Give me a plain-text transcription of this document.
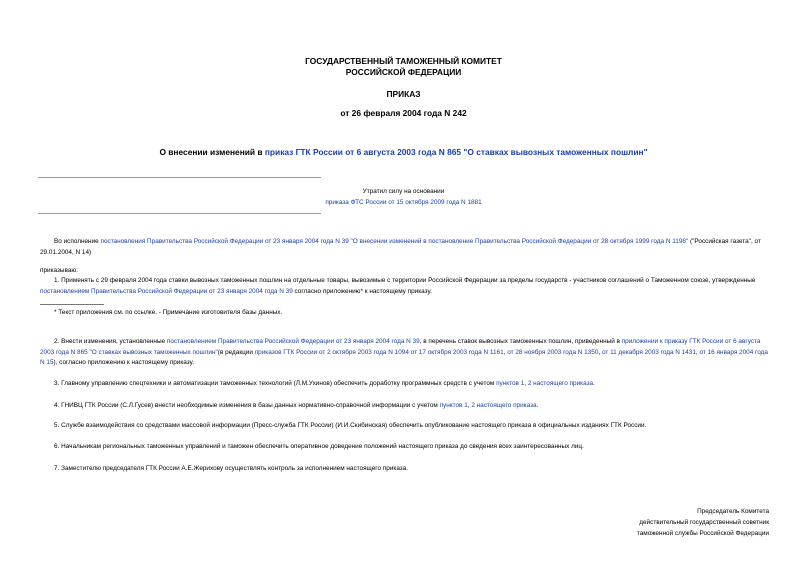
ГОСУДАРСТВЕННЫЙ ТАМОЖЕННЫЙ КОМИТЕТ
РОССИЙСКОЙ ФЕДЕРАЦИИ
ПРИКАЗ
от 26 февраля 2004 года N 242
О внесении изменений в приказ ГТК России от 6 августа 2003 года N 865 "О ставках вывозных таможенных пошлин"
Утратил силу на основании
приказа ФТС России от 15 октября 2009 года N 1881
Во исполнение постановления Правительства Российской Федерации от 23 января 2004 года N 39 "О внесении изменений в постановление Правительства Российской Федерации от 28 октября 1999 года N 1198" ("Российская газета", от 29.01.2004, N 14)
приказываю:
1. Применять с 29 февраля 2004 года ставки вывозных таможенных пошлин на отдельные товары, вывозимые с территории Российской Федерации за пределы государств - участников соглашений о Таможенном союзе, утвержденные постановлением Правительства Российской Федерации от 23 января 2004 года N 39 согласно приложению* к настоящему приказу.
* Текст приложения см. по ссылке. - Примечание изготовителя базы данных.
2. Внести изменения, установленные постановлением Правительства Российской Федерации от 23 января 2004 года N 39, в перечень ставок вывозных таможенных пошлин, приведенный в приложении к приказу ГТК России от 6 августа 2003 года N 865 "О ставках вывозных таможенных пошлин"(в редакции приказов ГТК России от 2 октября 2003 года N 1094 от 17 октября 2003 года N 1161, от 28 ноября 2003 года N 1350, от 11 декабря 2003 года N 1431, от 16 января 2004 года N 15), согласно приложению к настоящему приказу.
3. Главному управлению спецтехники и автоматизации таможенных технологий (Л.М.Ухинов) обеспечить доработку программных средств с учетом пунктов 1, 2 настоящего приказа.
4. ГНИВЦ ГТК России (С.Л.Гусев) внести необходимые изменения в базы данных нормативно-справочной информации с учетом пунктов 1, 2 настоящего приказа.
5. Службе взаимодействия со средствами массовой информации (Пресс-служба ГТК России) (И.И.Скибинская) обеспечить опубликование настоящего приказа в официальных изданиях ГТК России.
6. Начальникам региональных таможенных управлений и таможен обеспечить оперативное доведение положений настоящего приказа до сведения всех заинтересованных лиц.
7. Заместителю председателя ГТК России А.Е.Жерихову осуществлять контроль за исполнением настоящего приказа.
Председатель Комитета
действительный государственный советник
таможенной службы Российской Федерации
